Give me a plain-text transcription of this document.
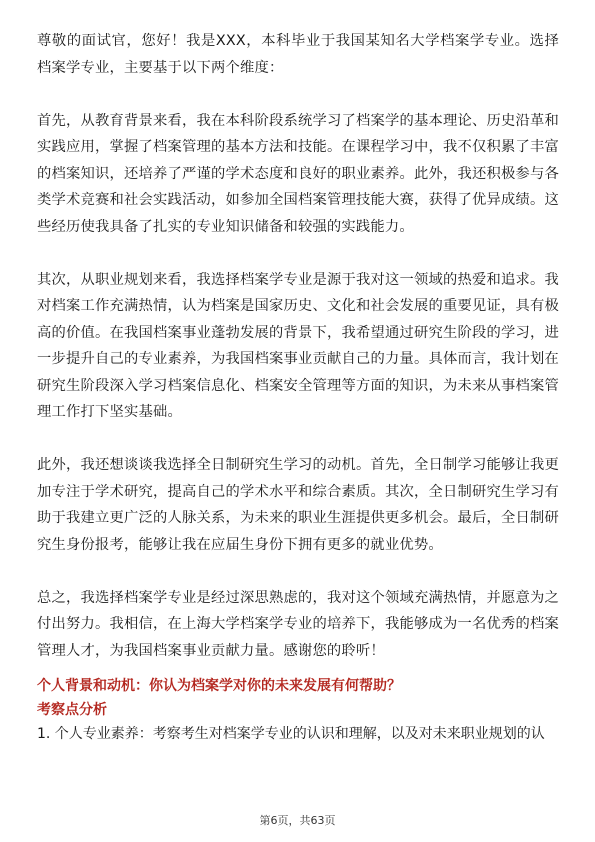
尊敬的面试官，您好！我是XXX，本科毕业于我国某知名大学档案学专业。选择档案学专业，主要基于以下两个维度：

首先，从教育背景来看，我在本科阶段系统学习了档案学的基本理论、历史沿革和实践应用，掌握了档案管理的基本方法和技能。在课程学习中，我不仅积累了丰富的档案知识，还培养了严谨的学术态度和良好的职业素养。此外，我还积极参与各类学术竞赛和社会实践活动，如参加全国档案管理技能大赛，获得了优异成绩。这些经历使我具备了扎实的专业知识储备和较强的实践能力。

其次，从职业规划来看，我选择档案学专业是源于我对这一领域的热爱和追求。我对档案工作充满热情，认为档案是国家历史、文化和社会发展的重要见证，具有极高的价值。在我国档案事业蓬勃发展的背景下，我希望通过研究生阶段的学习，进一步提升自己的专业素养，为我国档案事业贡献自己的力量。具体而言，我计划在研究生阶段深入学习档案信息化、档案安全管理等方面的知识，为未来从事档案管理工作打下坚实基础。

此外，我还想谈谈我选择全日制研究生学习的动机。首先，全日制学习能够让我更加专注于学术研究，提高自己的学术水平和综合素质。其次，全日制研究生学习有助于我建立更广泛的人脉关系，为未来的职业生涯提供更多机会。最后，全日制研究生身份报考，能够让我在应届生身份下拥有更多的就业优势。

总之，我选择档案学专业是经过深思熟虑的，我对这个领域充满热情，并愿意为之付出努力。我相信，在上海大学档案学专业的培养下，我能够成为一名优秀的档案管理人才，为我国档案事业贡献力量。感谢您的聆听！

个人背景和动机：你认为档案学对你的未来发展有何帮助？

考察点分析

1. 个人专业素养：考察考生对档案学专业的认识和理解，以及对未来职业规划的认

第6页，共63页
